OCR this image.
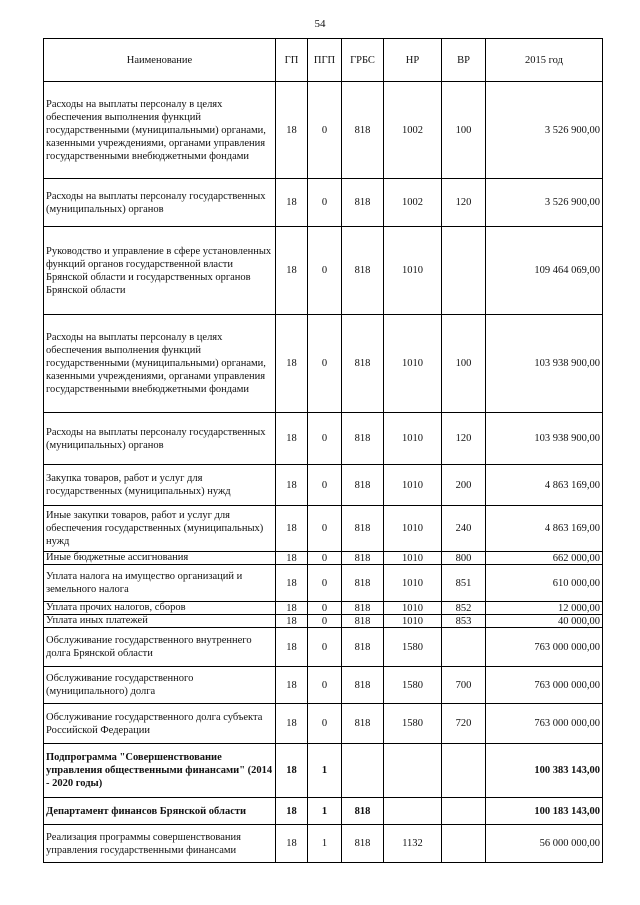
54
Наименование	ГП	ПГП	ГРБС	НР	ВР	2015 год
Расходы на выплаты персоналу в целях обеспечения выполнения функций государственными (муниципальными) органами, казенными учреждениями, органами управления государственными внебюджетными фондами	18	0	818	1002	100	3 526 900,00
Расходы на выплаты персоналу государственных (муниципальных) органов	18	0	818	1002	120	3 526 900,00
Руководство и управление в сфере установленных функций органов государственной власти Брянской области и государственных органов Брянской области	18	0	818	1010		109 464 069,00
Расходы на выплаты персоналу в целях обеспечения выполнения функций государственными (муниципальными) органами, казенными учреждениями, органами управления государственными внебюджетными фондами	18	0	818	1010	100	103 938 900,00
Расходы на выплаты персоналу государственных (муниципальных) органов	18	0	818	1010	120	103 938 900,00
Закупка товаров, работ и услуг для государственных (муниципальных) нужд	18	0	818	1010	200	4 863 169,00
Иные закупки товаров, работ и услуг для обеспечения государственных (муниципальных) нужд	18	0	818	1010	240	4 863 169,00
Иные бюджетные ассигнования	18	0	818	1010	800	662 000,00
Уплата налога на имущество организаций и земельного налога	18	0	818	1010	851	610 000,00
Уплата прочих налогов, сборов	18	0	818	1010	852	12 000,00
Уплата иных платежей	18	0	818	1010	853	40 000,00
Обслуживание государственного внутреннего долга Брянской области	18	0	818	1580		763 000 000,00
Обслуживание государственного (муниципального) долга	18	0	818	1580	700	763 000 000,00
Обслуживание государственного долга субъекта Российской Федерации	18	0	818	1580	720	763 000 000,00
Подпрограмма "Совершенствование управления общественными финансами" (2014 - 2020 годы)	18	1				100 383 143,00
Департамент финансов Брянской области	18	1	818			100 183 143,00
Реализация программы совершенствования управления государственными финансами	18	1	818	1132		56 000 000,00
